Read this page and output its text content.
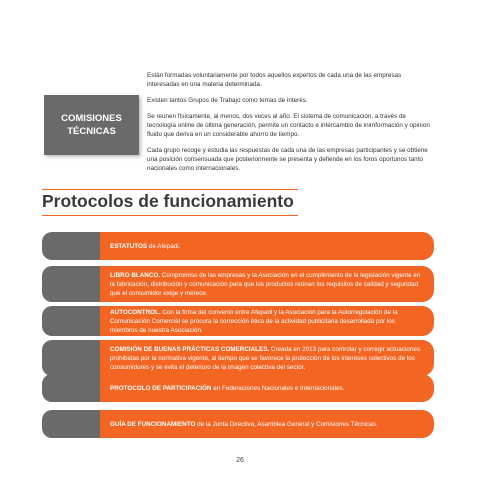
COMISIONES
TÉCNICAS

Están formadas voluntariamente por todos aquellos expertos de cada una de las empresas interesadas en una materia determinada.

Existen tantos Grupos de Trabajo como temas de interés.

Se reúnen físicamente, al menos, dos veces al año. El sistema de comunicación, a través de tecnología online de última generación, permite un contacto e intercambio de inimformación y opinion fluido que deriva en un considerable ahorro de tiempo.

Cada grupo recoge y estudia las respuestas de cada una de las empresas participantes y se obtiene una posición consensuada que posteriormente se presenta y defiende en los foros oportunos tanto nacionales como internacionales.

Protocolos de funcionamiento
ESTATUTOS de Afepadi.
LIBRO BLANCO. Compromiso de las empresas y la Asociación en el cumplimiento de la legislación vigente en la fabricación, distribución y comunicación para que los productos reúnan los requisitos de calidad y seguridad que el consumidor exige y merece.
AUTOCONTROL. Con la firma del convenio entre Afepadi y la Asociación para la Autorregulación de la Comunicación Comercial se procura la corrección ética de la actividad publicitaria desarrollada por los miembros de nuestra Asociación.
COMISIÓN DE BUENAS PRÁCTICAS COMERCIALES. Creada en 2013 para controlar y corregir actuaciones prohibidas por la normativa vigente, al tiempo que se favorece la protección de los intereses colectivos de los consumidores y se evita el deterioro de la imagen colectiva del sector.
PROTOCOLO DE PARTICIPACIÓN en Federaciones Nacionales e Internacionales.
GUÍA DE FUNCIONAMIENTO de la Junta Directiva, Asamblea General y Comisiones Técnicas.
26
